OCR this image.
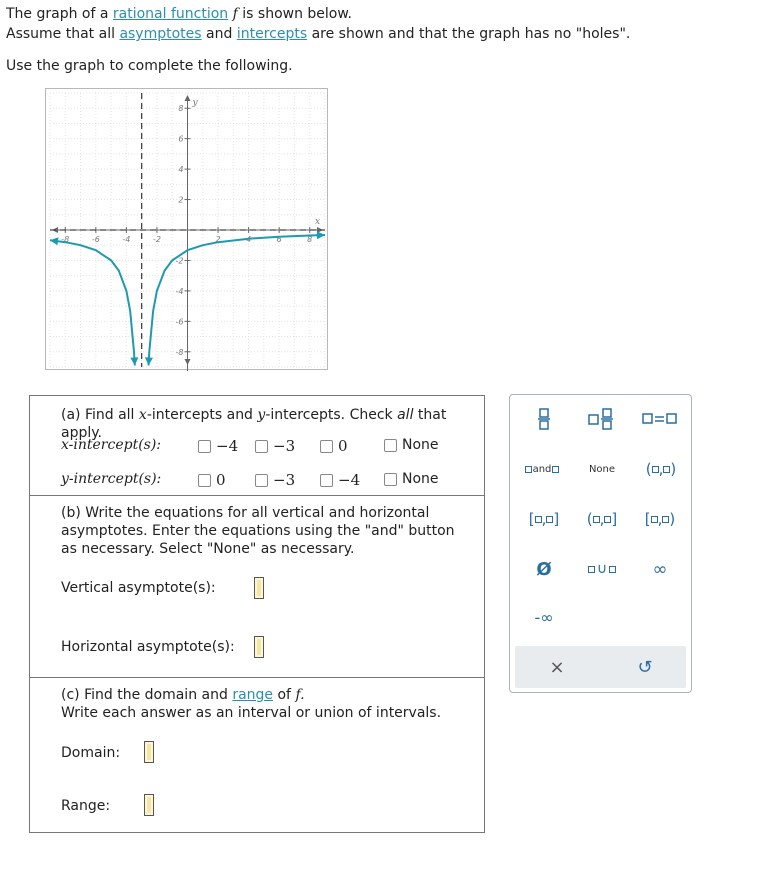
The graph of a rational function f is shown below.
Assume that all asymptotes and intercepts are shown and that the graph has no "holes".
Use the graph to complete the following.
-8	-6	-4	-2	2	4	6	8
8
6
4
2
-2
-4
-6
-8
x
y
(a) Find all x-intercepts and y-intercepts. Check all that apply.
x-intercept(s):	−4 −3	0	None
y-intercept(s):	0	−3	−4	None
(b) Write the equations for all vertical and horizontal
asymptotes. Enter the equations using the "and" button
as necessary. Select "None" as necessary.
Vertical asymptote(s):
Horizontal asymptote(s):
(c) Find the domain and range of f.
Write each answer as an interval or union of intervals.
Domain:
Range:
and	None	( , )
[ , ] ( , ] [ , )
Ø	∪	∞
-∞
×	↺
